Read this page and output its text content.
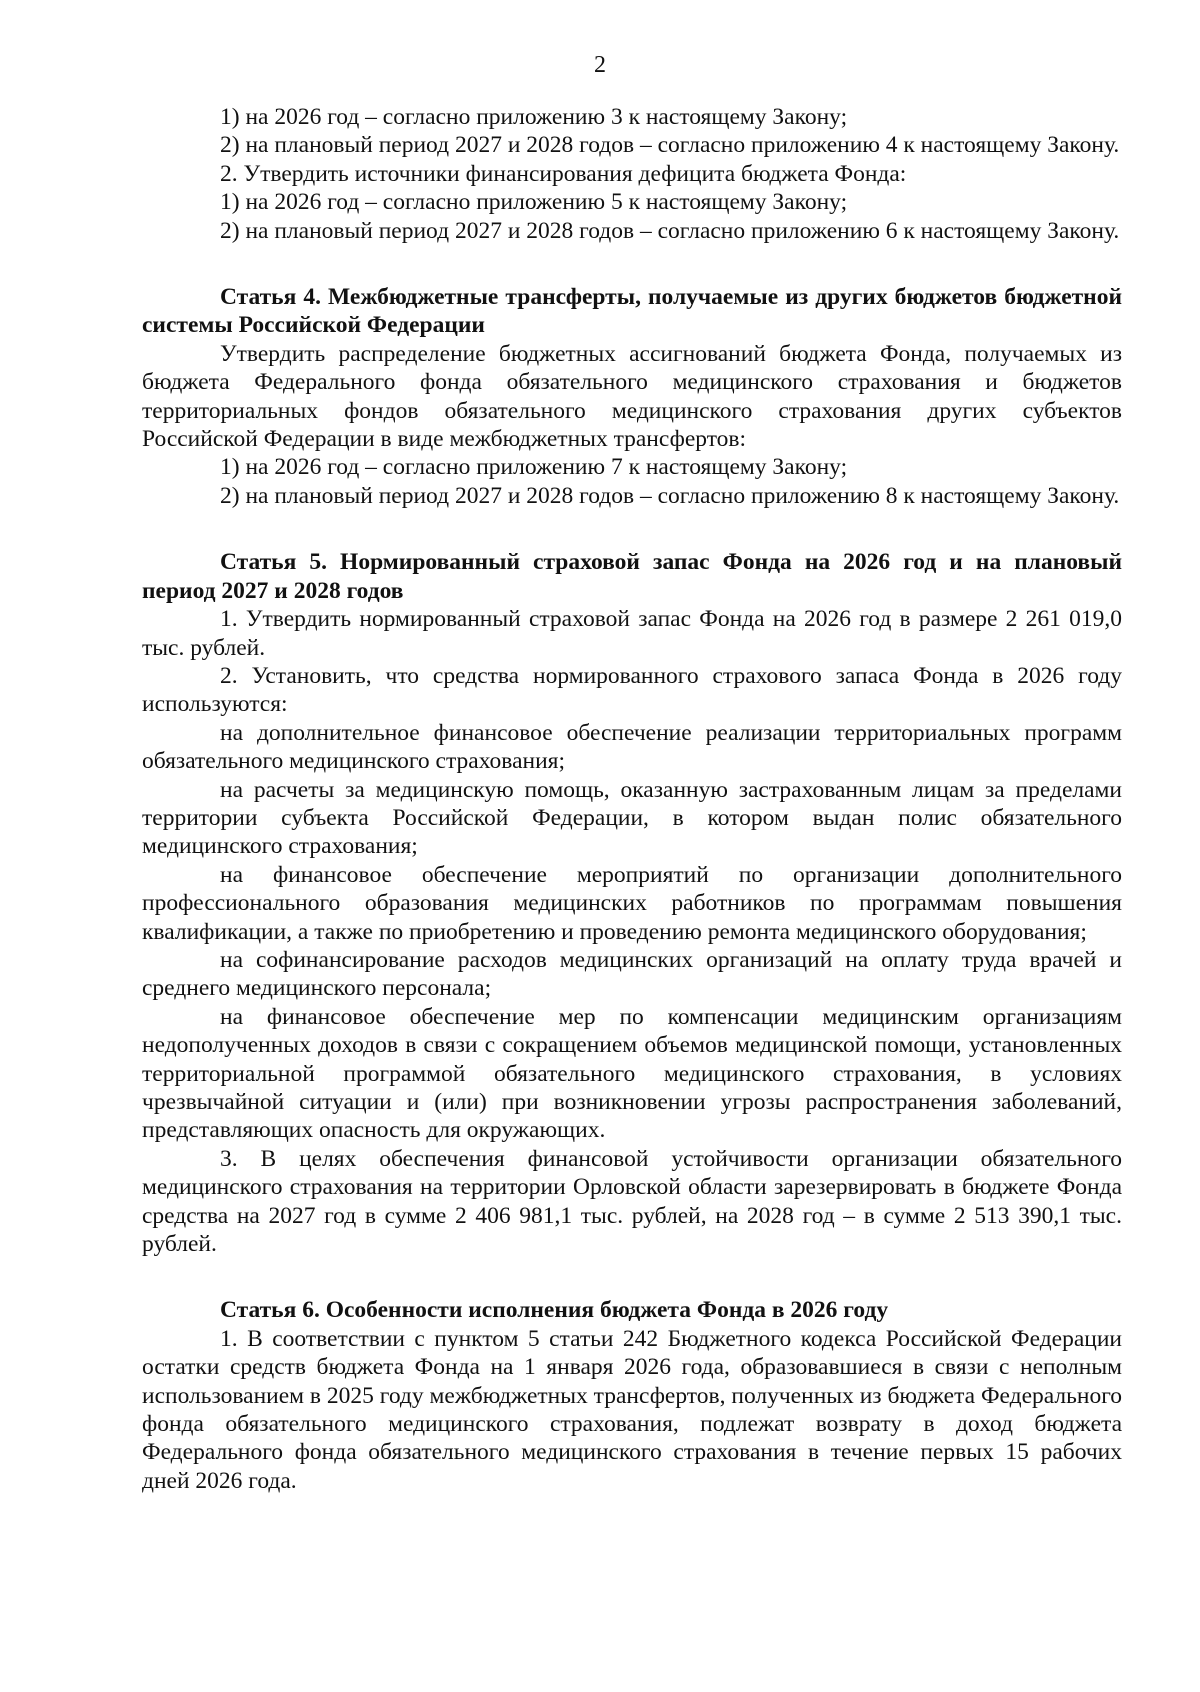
2

1) на 2026 год – согласно приложению 3 к настоящему Закону;

2) на плановый период 2027 и 2028 годов – согласно приложению 4 к настоящему Закону.

2. Утвердить источники финансирования дефицита бюджета Фонда:

1) на 2026 год – согласно приложению 5 к настоящему Закону;

2) на плановый период 2027 и 2028 годов – согласно приложению 6 к настоящему Закону.

Статья 4. Межбюджетные трансферты, получаемые из других бюджетов бюджетной системы Российской Федерации

Утвердить распределение бюджетных ассигнований бюджета Фонда, получаемых из бюджета Федерального фонда обязательного медицинского страхования и бюджетов территориальных фондов обязательного медицинского страхования других субъектов Российской Федерации в виде межбюджетных трансфертов:

1) на 2026 год – согласно приложению 7 к настоящему Закону;

2) на плановый период 2027 и 2028 годов – согласно приложению 8 к настоящему Закону.

Статья 5. Нормированный страховой запас Фонда на 2026 год и на плановый период 2027 и 2028 годов

1. Утвердить нормированный страховой запас Фонда на 2026 год в размере 2 261 019,0 тыс. рублей.

2. Установить, что средства нормированного страхового запаса Фонда в 2026 году используются:

на дополнительное финансовое обеспечение реализации территориальных программ обязательного медицинского страхования;

на расчеты за медицинскую помощь, оказанную застрахованным лицам за пределами территории субъекта Российской Федерации, в котором выдан полис обязательного медицинского страхования;

на финансовое обеспечение мероприятий по организации дополнительного профессионального образования медицинских работников по программам повышения квалификации, а также по приобретению и проведению ремонта медицинского оборудования;

на софинансирование расходов медицинских организаций на оплату труда врачей и среднего медицинского персонала;

на финансовое обеспечение мер по компенсации медицинским организациям недополученных доходов в связи с сокращением объемов медицинской помощи, установленных территориальной программой обязательного медицинского страхования, в условиях чрезвычайной ситуации и (или) при возникновении угрозы распространения заболеваний, представляющих опасность для окружающих.

3. В целях обеспечения финансовой устойчивости организации обязательного медицинского страхования на территории Орловской области зарезервировать в бюджете Фонда средства на 2027 год в сумме 2 406 981,1 тыс. рублей, на 2028 год – в сумме 2 513 390,1 тыс. рублей.

Статья 6. Особенности исполнения бюджета Фонда в 2026 году

1. В соответствии с пунктом 5 статьи 242 Бюджетного кодекса Российской Федерации остатки средств бюджета Фонда на 1 января 2026 года, образовавшиеся в связи с неполным использованием в 2025 году межбюджетных трансфертов, полученных из бюджета Федерального фонда обязательного медицинского страхования, подлежат возврату в доход бюджета Федерального фонда обязательного медицинского страхования в течение первых 15 рабочих дней 2026 года.
